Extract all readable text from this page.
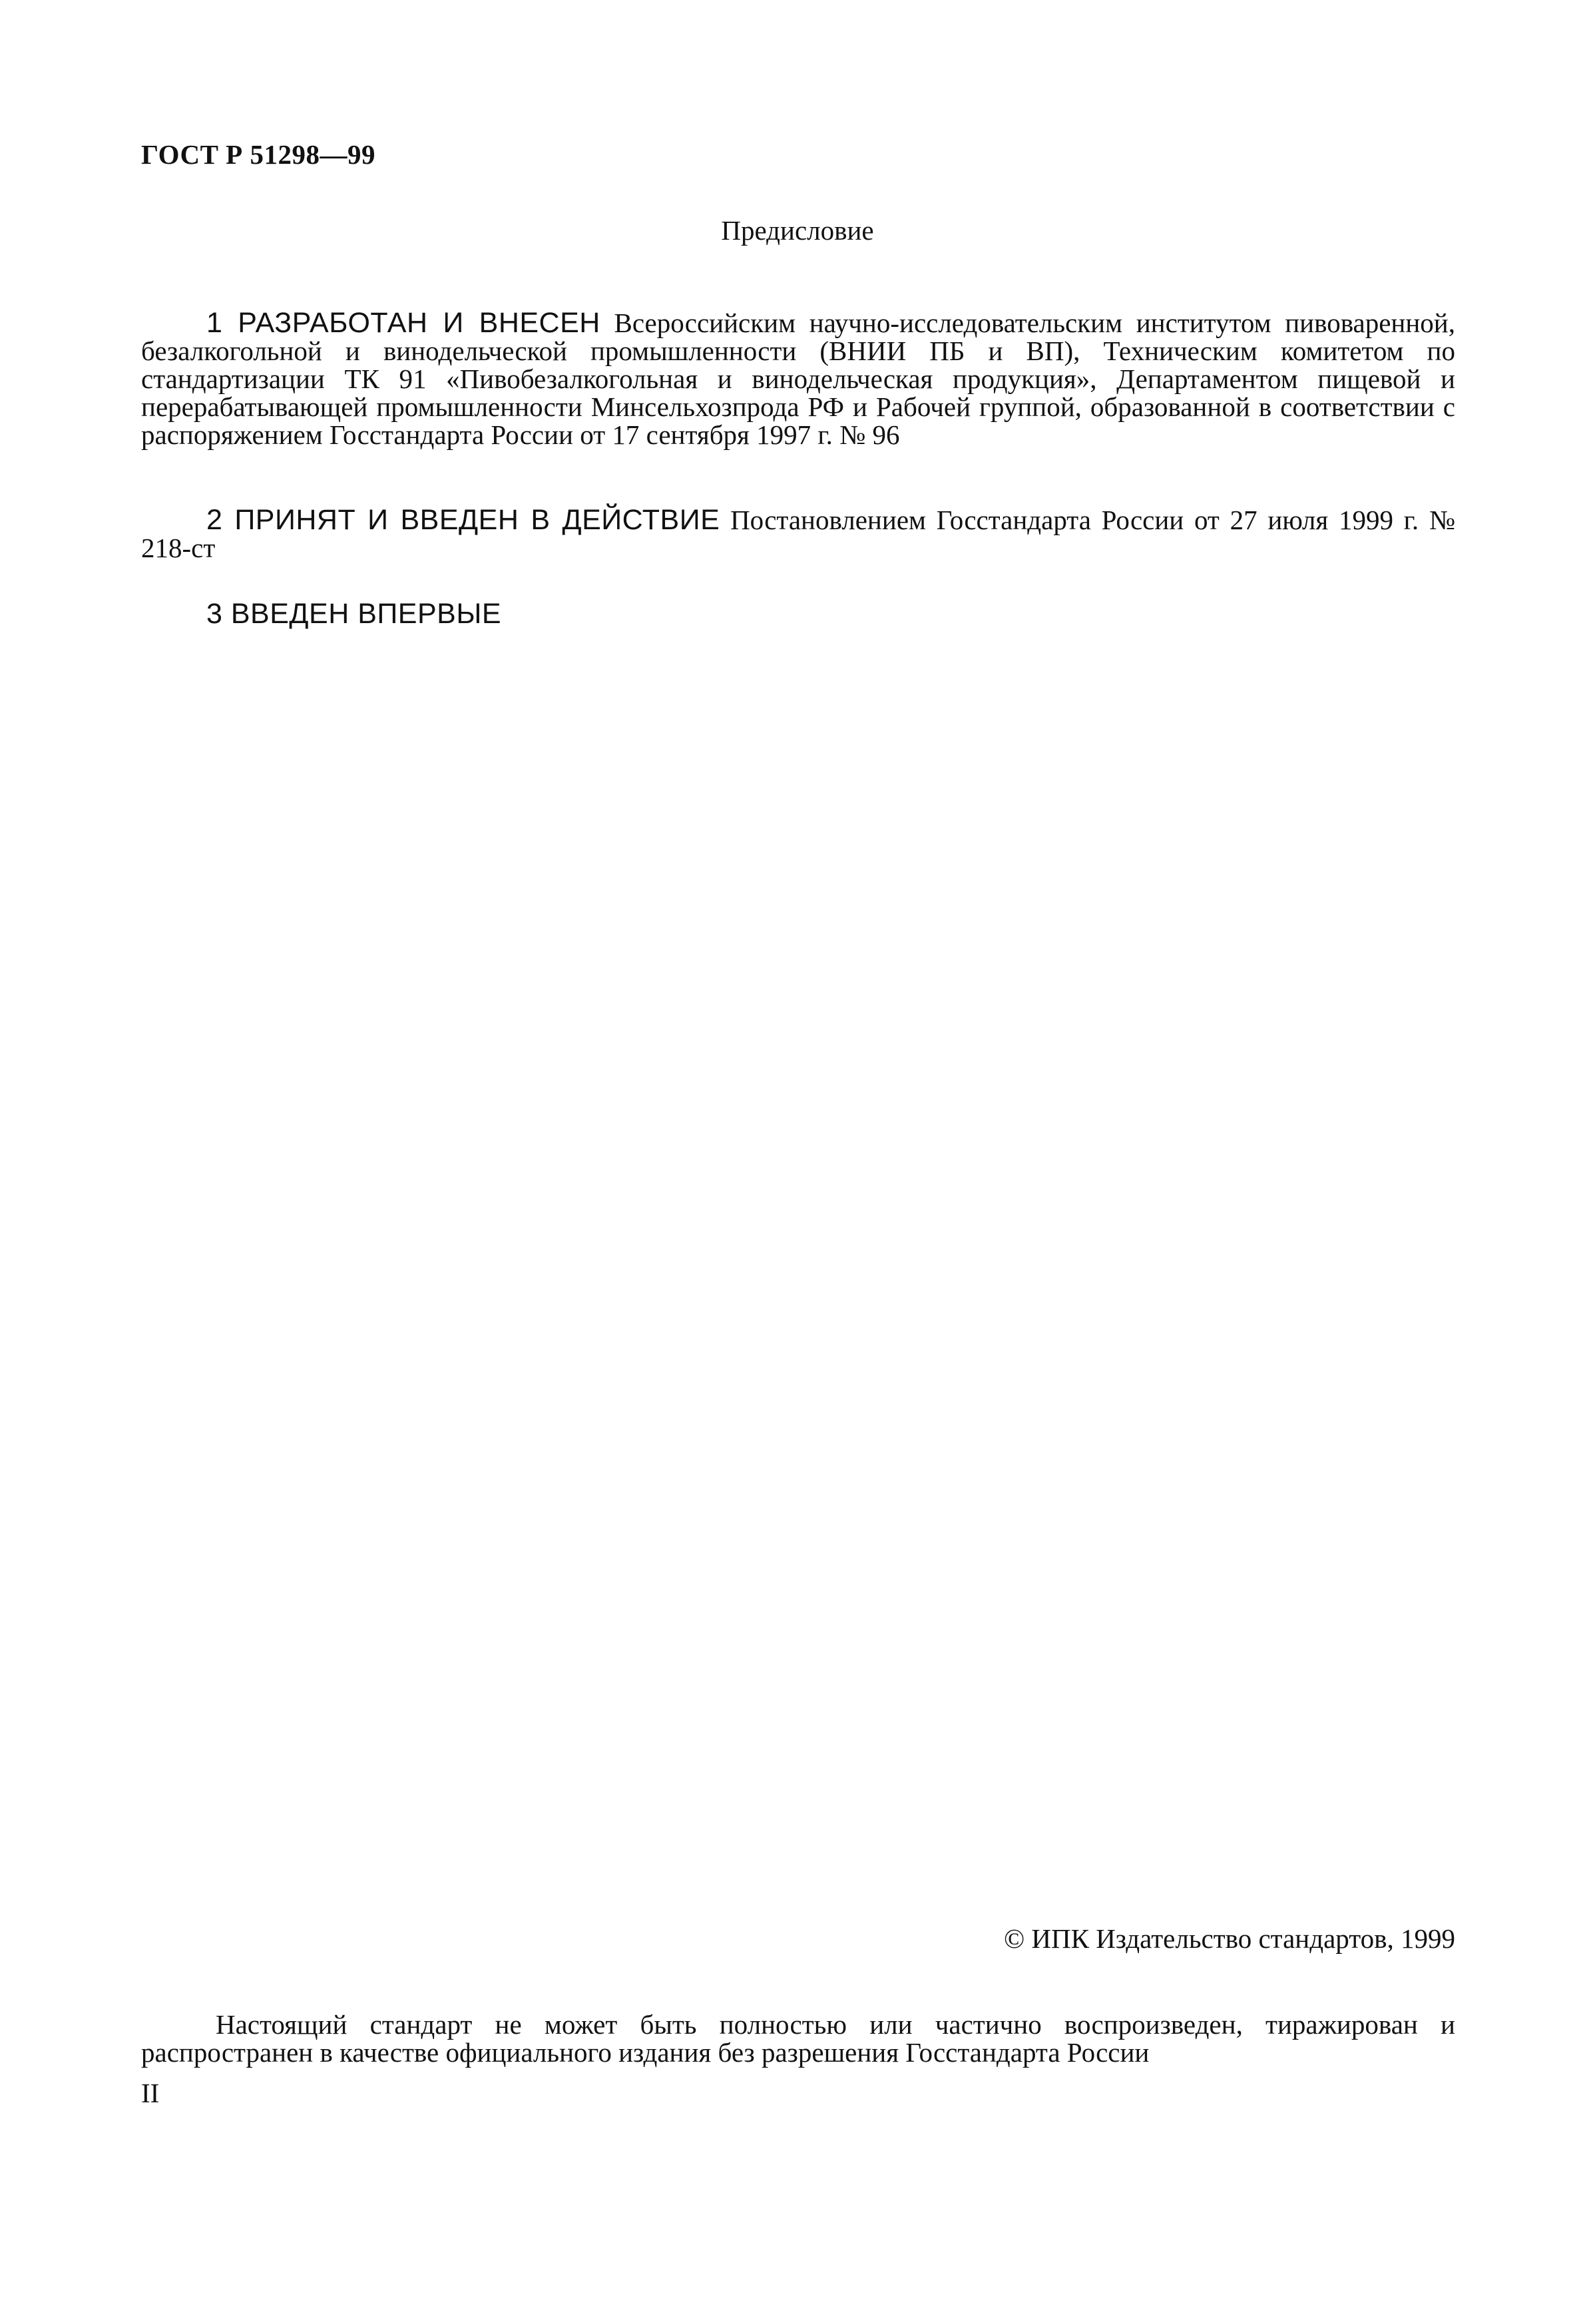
ГОСТ Р 51298—99
Предисловие

1 РАЗРАБОТАН И ВНЕСЕН Всероссийским научно-исследовательским институтом пивоваренной, безалкогольной и винодельческой промышленности (ВНИИ ПБ и ВП), Техническим комитетом по стандартизации ТК 91 «Пивобезалкогольная и винодельческая продукция», Департаментом пищевой и перерабатывающей промышленности Минсельхозпрода РФ и Рабочей группой, образованной в соответствии с распоряжением Госстандарта России от 17 сентября 1997 г. № 96

2 ПРИНЯТ И ВВЕДЕН В ДЕЙСТВИЕ Постановлением Госстандарта России от 27 июля 1999 г. № 218-ст

3 ВВЕДЕН ВПЕРВЫЕ

© ИПК Издательство стандартов, 1999

Настоящий стандарт не может быть полностью или частично воспроизведен, тиражирован и распространен в качестве официального издания без разрешения Госстандарта России

II
